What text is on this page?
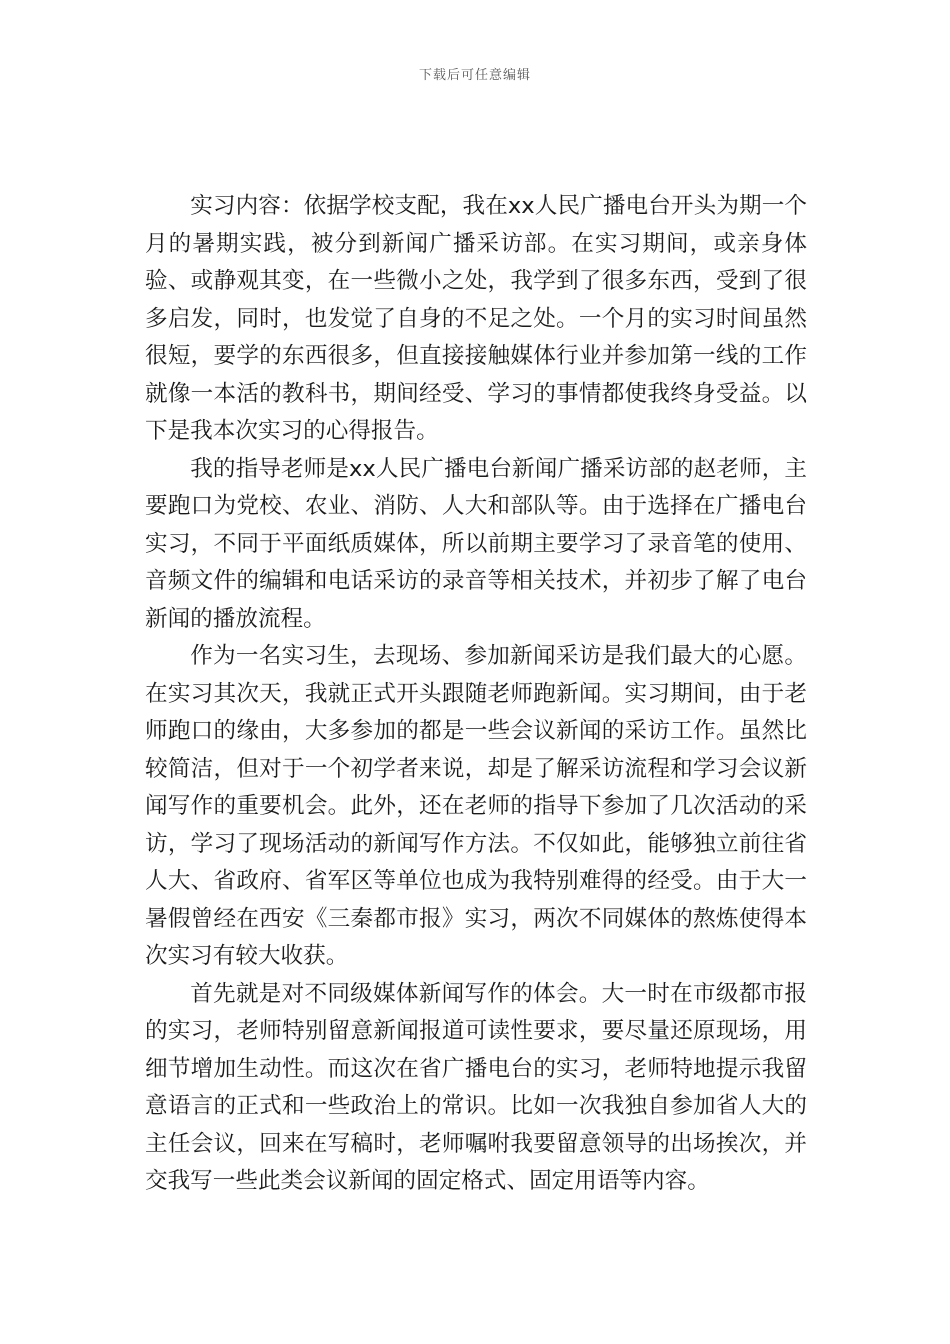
下载后可任意编辑

实习内容：依据学校支配，我在xx人民广播电台开头为期一个月的暑期实践，被分到新闻广播采访部。在实习期间，或亲身体验、或静观其变，在一些微小之处，我学到了很多东西，受到了很多启发，同时，也发觉了自身的不足之处。一个月的实习时间虽然很短，要学的东西很多，但直接接触媒体行业并参加第一线的工作就像一本活的教科书，期间经受、学习的事情都使我终身受益。以下是我本次实习的心得报告。

我的指导老师是xx人民广播电台新闻广播采访部的赵老师，主要跑口为党校、农业、消防、人大和部队等。由于选择在广播电台实习，不同于平面纸质媒体，所以前期主要学习了录音笔的使用、音频文件的编辑和电话采访的录音等相关技术，并初步了解了电台新闻的播放流程。

作为一名实习生，去现场、参加新闻采访是我们最大的心愿。在实习其次天，我就正式开头跟随老师跑新闻。实习期间，由于老师跑口的缘由，大多参加的都是一些会议新闻的采访工作。虽然比较简洁，但对于一个初学者来说，却是了解采访流程和学习会议新闻写作的重要机会。此外，还在老师的指导下参加了几次活动的采访，学习了现场活动的新闻写作方法。不仅如此，能够独立前往省人大、省政府、省军区等单位也成为我特别难得的经受。由于大一暑假曾经在西安《三秦都市报》实习，两次不同媒体的熬炼使得本次实习有较大收获。

首先就是对不同级媒体新闻写作的体会。大一时在市级都市报的实习，老师特别留意新闻报道可读性要求，要尽量还原现场，用细节增加生动性。而这次在省广播电台的实习，老师特地提示我留意语言的正式和一些政治上的常识。比如一次我独自参加省人大的主任会议，回来在写稿时，老师嘱咐我要留意领导的出场挨次，并交我写一些此类会议新闻的固定格式、固定用语等内容。
